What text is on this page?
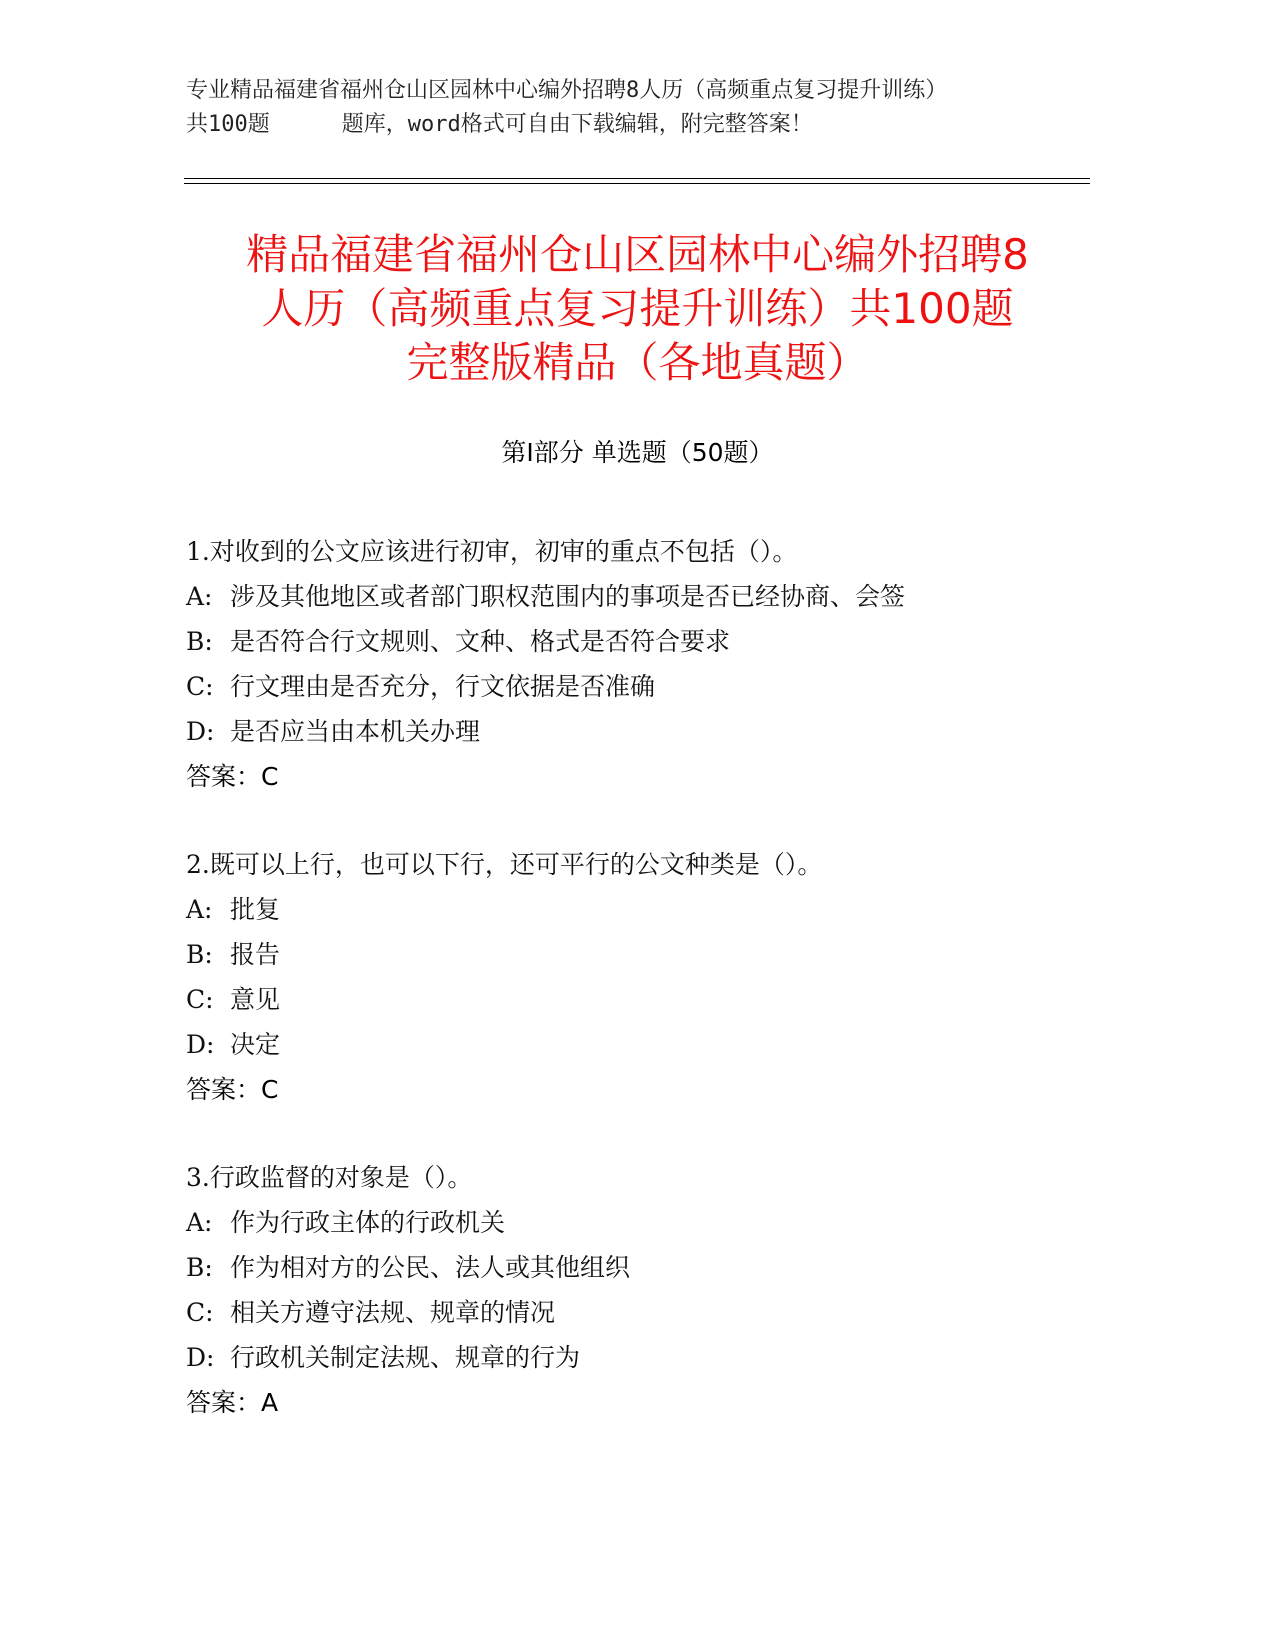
专业精品福建省福州仓山区园林中心编外招聘8人历（高频重点复习提升训练）
共100题	题库，word格式可自由下载编辑，附完整答案！
精品福建省福州仓山区园林中心编外招聘8
人历（高频重点复习提升训练）共100题
完整版精品（各地真题）
第Ⅰ部分 单选题（50题）
1.对收到的公文应该进行初审，初审的重点不包括（）。
A: 涉及其他地区或者部门职权范围内的事项是否已经协商、会签
B: 是否符合行文规则、文种、格式是否符合要求
C: 行文理由是否充分，行文依据是否准确
D: 是否应当由本机关办理
答案：C
2.既可以上行，也可以下行，还可平行的公文种类是（）。
A: 批复
B: 报告
C: 意见
D: 决定
答案：C
3.行政监督的对象是（）。
A: 作为行政主体的行政机关
B: 作为相对方的公民、法人或其他组织
C: 相关方遵守法规、规章的情况
D: 行政机关制定法规、规章的行为
答案：A
